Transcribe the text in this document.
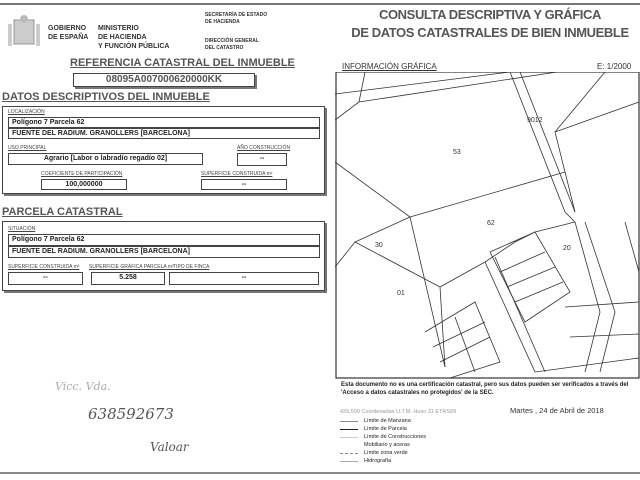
GOBIERNO
DE ESPAÑA
MINISTERIO
DE HACIENDA
Y FUNCIÓN PÚBLICA
SECRETARÍA DE ESTADO
DE HACIENDA
DIRECCIÓN GENERAL
DEL CATASTRO
CONSULTA DESCRIPTIVA Y GRÁFICA
DE DATOS CATASTRALES DE BIEN INMUEBLE
REFERENCIA CATASTRAL DEL INMUEBLE
08095A007000620000KK
DATOS DESCRIPTIVOS DEL INMUEBLE
LOCALIZACIÓN
Polígono 7 Parcela 62
FUENTE DEL RADIUM. GRANOLLERS [BARCELONA]
USO PRINCIPAL
Agrario [Labor o labradío regadío 02]
AÑO CONSTRUCCIÓN
--
COEFICIENTE DE PARTICIPACIÓN
100,000000
SUPERFICIE CONSTRUIDA m²
--
PARCELA CATASTRAL
SITUACIÓN
Polígono 7 Parcela 62
FUENTE DEL RADIUM. GRANOLLERS [BARCELONA]
SUPERFICIE CONSTRUIDA m²
--
SUPERFICIE GRÁFICA PARCELA m²
5.258
TIPO DE FINCA
--
Vicc. Vda.
638592673
Valoar
INFORMACIÓN GRÁFICA	E: 1/2000
53
9012
62
30	20
01
Esta documento no es una certificación catastral, pero sus datos pueden ser verificados a través del 'Acceso a datos catastrales no protegidos' de la SEC.
Martes , 24 de Abril de 2018
439,500 Coordenadas U.T.M. Huso 31 ETRS89
Límite de Manzana
Límite de Parcela
Límite de Construcciones
Mobiliario y aceras
Límite zona verde
Hidrografía
